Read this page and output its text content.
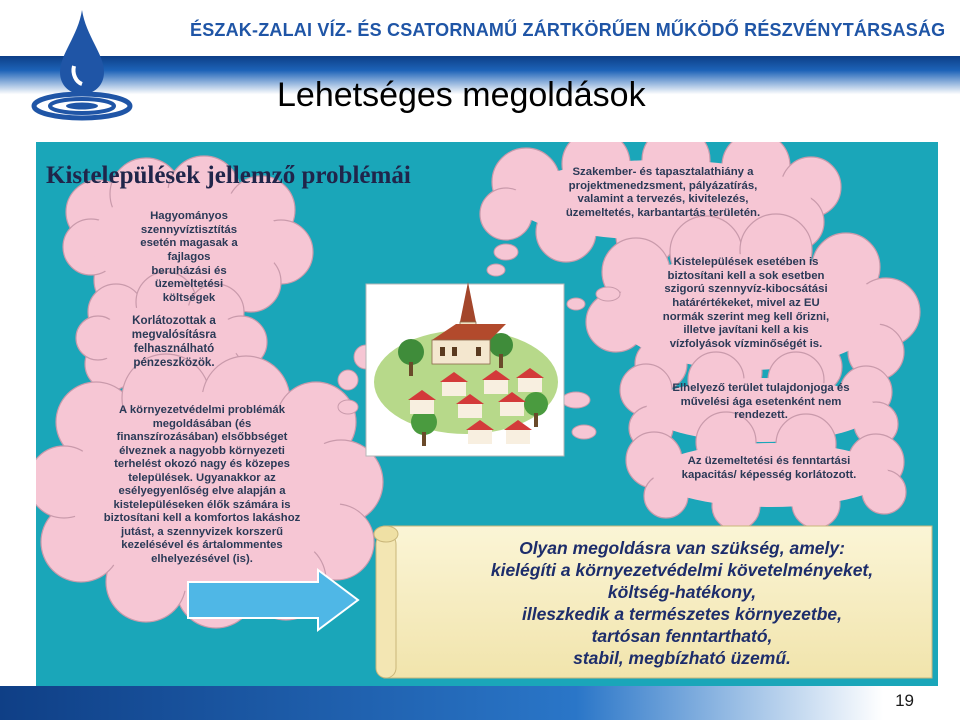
ÉSZAK-ZALAI VÍZ- ÉS CSATORNAMŰ ZÁRTKÖRŰEN MŰKÖDŐ RÉSZVÉNYTÁRSASÁG
Lehetséges megoldások
Kistelepülések jellemző problémái
Hagyományos
szennyvíztisztítás
esetén magasak a
fajlagos
beruházási és
üzemeltetési
költségek
Korlátozottak a
megvalósításra
felhasználható
pénzeszközök.
A környezetvédelmi problémák
megoldásában (és
finanszírozásában) elsőbbséget
élveznek a nagyobb környezeti
terhelést okozó nagy és közepes
települések. Ugyanakkor az
esélyegyenlőség elve alapján a
kistelepüléseken élők számára is
biztosítani kell a komfortos lakáshoz
jutást, a szennyvizek korszerű
kezelésével és ártalommentes
elhelyezésével (is).
Szakember- és tapasztalathiány a
projektmenedzsment, pályázatírás,
valamint a tervezés, kivitelezés,
üzemeltetés, karbantartás területén.
Kistelepülések esetében is
biztosítani kell a sok esetben
szigorú szennyvíz-kibocsátási
határértékeket, mivel az EU
normák szerint meg kell őrizni,
illetve javítani kell a kis
vízfolyások vízminőségét is.
Elhelyező terület tulajdonjoga és
művelési ága esetenként nem
rendezett.
Az üzemeltetési és fenntartási
kapacitás/ képesség korlátozott.
Olyan megoldásra van szükség, amely:
kielégíti a környezetvédelmi követelményeket,
költség-hatékony,
illeszkedik a természetes környezetbe,
tartósan fenntartható,
stabil, megbízható üzemű.
19
